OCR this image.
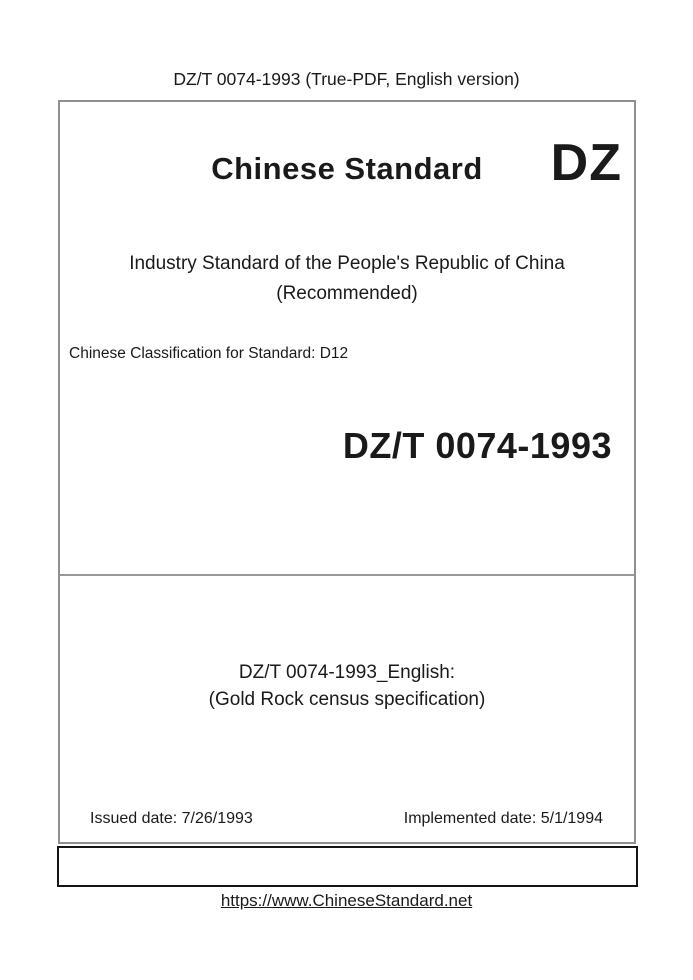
DZ/T 0074-1993 (True-PDF, English version)
Chinese Standard	DZ
Industry Standard of the People's Republic of China
(Recommended)
Chinese Classification for Standard: D12
DZ/T 0074-1993
DZ/T 0074-1993_English:
(Gold Rock census specification)
Issued date: 7/26/1993	Implemented date: 5/1/1994
https://www.ChineseStandard.net
